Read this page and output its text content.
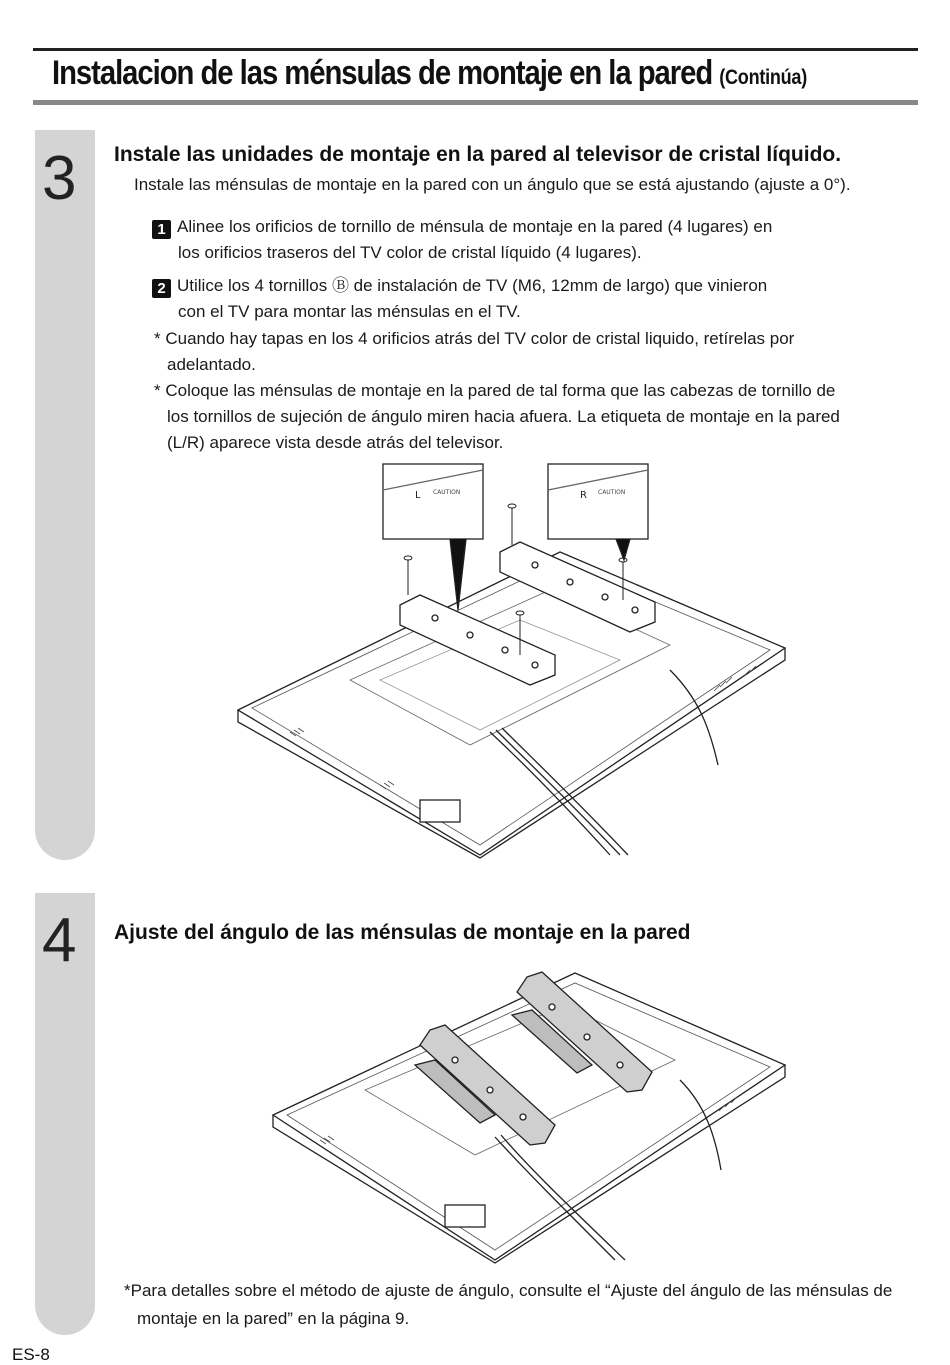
Instalacion de las ménsulas de montaje en la pared (Continúa)
3 Instale las unidades de montaje en la pared al televisor de cristal líquido.
Instale las ménsulas de montaje en la pared con un ángulo que se está ajustando (ajuste a 0°).
1 Alinee los orificios de tornillo de ménsula de montaje en la pared (4 lugares) en
los orificios traseros del TV color de cristal líquido (4 lugares).
2 Utilice los 4 tornillos Ⓑ de instalación de TV (M6, 12mm de largo) que vinieron
con el TV para montar las ménsulas en el TV.
* Cuando hay tapas en los 4 orificios atrás del TV color de cristal liquido, retírelas por adelantado.
* Coloque las ménsulas de montaje en la pared de tal forma que las cabezas de tornillo de los tornillos de sujeción de ángulo miren hacia afuera. La etiqueta de montaje en la pared (L/R) aparece vista desde atrás del televisor.
L	R
CAUTION	CAUTION
4 Ajuste del ángulo de las ménsulas de montaje en la pared
*Para detalles sobre el método de ajuste de ángulo, consulte el “Ajuste del ángulo de las ménsulas de montaje en la pared” en la página 9.
ES-8
